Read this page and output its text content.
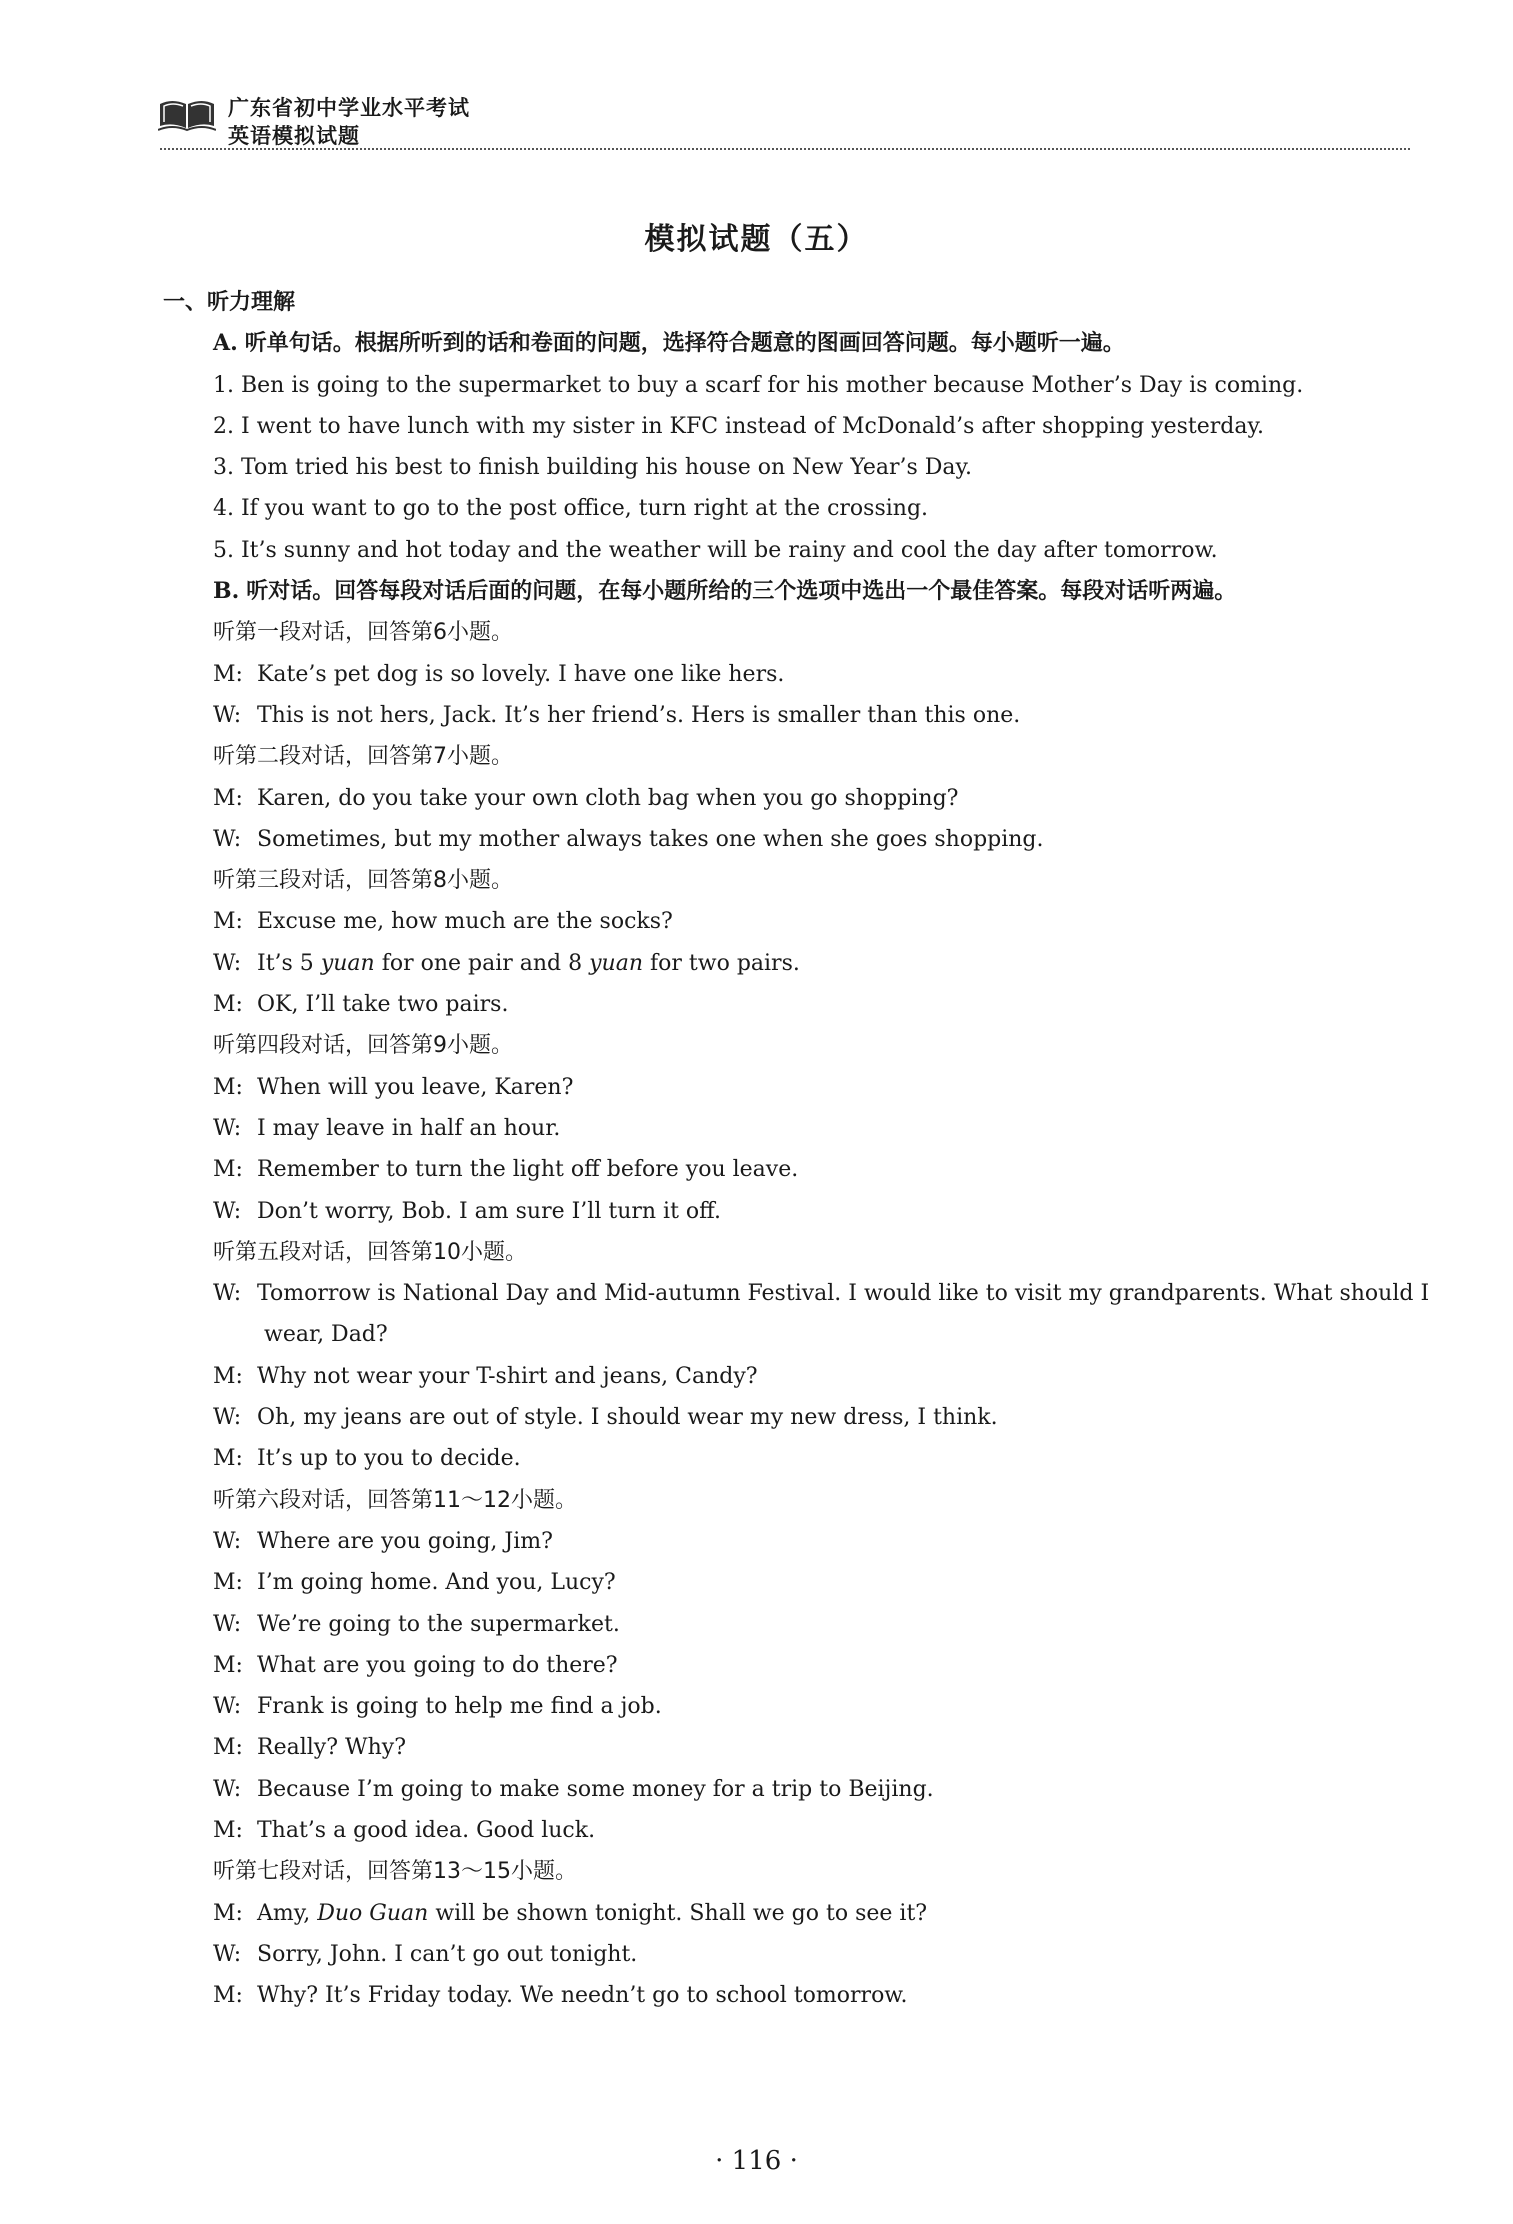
广东省初中学业水平考试
英语模拟试题
模拟试题（五）
一、听力理解
A. 听单句话。根据所听到的话和卷面的问题，选择符合题意的图画回答问题。每小题听一遍。
1. Ben is going to the supermarket to buy a scarf for his mother because Mother’s Day is coming.
2. I went to have lunch with my sister in KFC instead of McDonald’s after shopping yesterday.
3. Tom tried his best to finish building his house on New Year’s Day.
4. If you want to go to the post office, turn right at the crossing.
5. It’s sunny and hot today and the weather will be rainy and cool the day after tomorrow.
B. 听对话。回答每段对话后面的问题，在每小题所给的三个选项中选出一个最佳答案。每段对话听两遍。
听第一段对话，回答第6小题。
M: Kate’s pet dog is so lovely. I have one like hers.
W: This is not hers, Jack. It’s her friend’s. Hers is smaller than this one.
听第二段对话，回答第7小题。
M: Karen, do you take your own cloth bag when you go shopping?
W: Sometimes, but my mother always takes one when she goes shopping.
听第三段对话，回答第8小题。
M: Excuse me, how much are the socks?
W: It’s 5 yuan for one pair and 8 yuan for two pairs.
M: OK, I’ll take two pairs.
听第四段对话，回答第9小题。
M: When will you leave, Karen?
W: I may leave in half an hour.
M: Remember to turn the light off before you leave.
W: Don’t worry, Bob. I am sure I’ll turn it off.
听第五段对话，回答第10小题。
W: Tomorrow is National Day and Mid-autumn Festival. I would like to visit my grandparents. What should I
wear, Dad?
M: Why not wear your T-shirt and jeans, Candy?
W: Oh, my jeans are out of style. I should wear my new dress, I think.
M: It’s up to you to decide.
听第六段对话，回答第11～12小题。
W: Where are you going, Jim?
M: I’m going home. And you, Lucy?
W: We’re going to the supermarket.
M: What are you going to do there?
W: Frank is going to help me find a job.
M: Really? Why?
W: Because I’m going to make some money for a trip to Beijing.
M: That’s a good idea. Good luck.
听第七段对话，回答第13～15小题。
M: Amy, Duo Guan will be shown tonight. Shall we go to see it?
W: Sorry, John. I can’t go out tonight.
M: Why? It’s Friday today. We needn’t go to school tomorrow.
· 116 ·
